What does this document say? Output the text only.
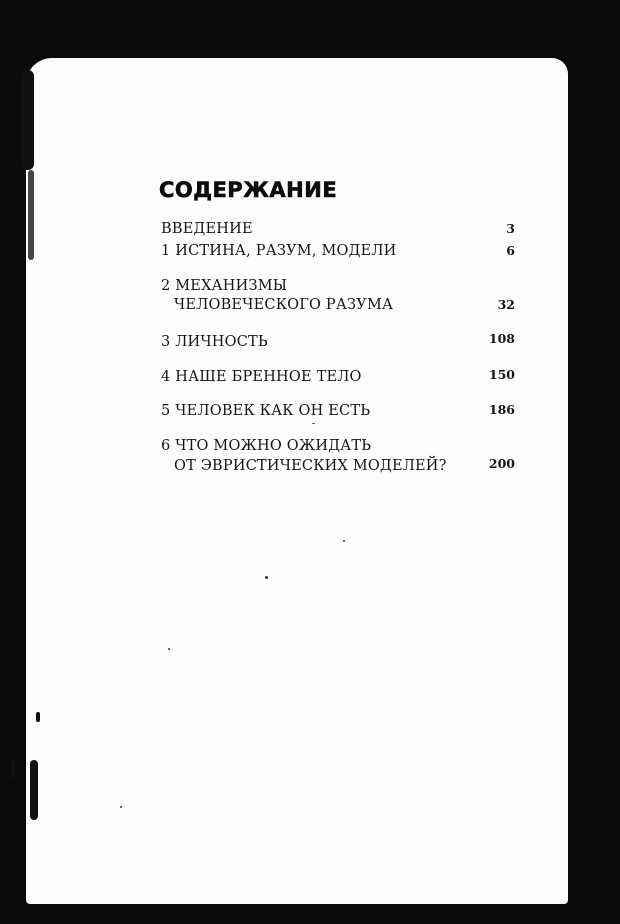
СОДЕРЖАНИЕ
ВВЕДЕНИЕ	3
1 ИСТИНА, РАЗУМ, МОДЕЛИ	6
2 МЕХАНИЗМЫ
ЧЕЛОВЕЧЕСКОГО РАЗУМА	32
3 ЛИЧНОСТЬ	108
4 НАШЕ БРЕННОЕ ТЕЛО	150
5 ЧЕЛОВЕК КАК ОН ЕСТЬ	186
6 ЧТО МОЖНО ОЖИДАТЬ
ОТ ЭВРИСТИЧЕСКИХ МОДЕЛЕЙ?	200
